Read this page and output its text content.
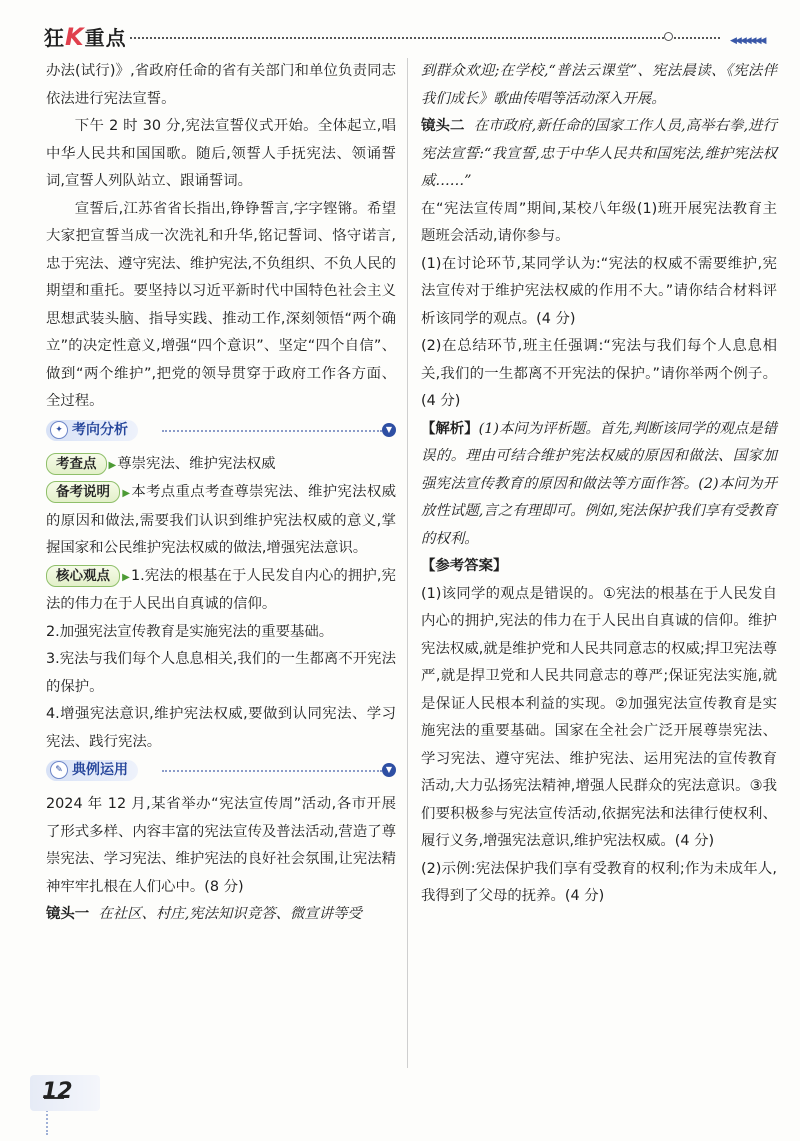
狂K重点	◀◀◀◀◀◀◀

办法(试行)》,省政府任命的省有关部门和单位负责同志依法进行宪法宣誓。

下午 2 时 30 分,宪法宣誓仪式开始。全体起立,唱中华人民共和国国歌。随后,领誓人手抚宪法、领诵誓词,宣誓人列队站立、跟诵誓词。

宣誓后,江苏省省长指出,铮铮誓言,字字铿锵。希望大家把宣誓当成一次洗礼和升华,铭记誓词、恪守诺言,忠于宪法、遵守宪法、维护宪法,不负组织、不负人民的期望和重托。要坚持以习近平新时代中国特色社会主义思想武装头脑、指导实践、推动工作,深刻领悟“两个确立”的决定性意义,增强“四个意识”、坚定“四个自信”、做到“两个维护”,把党的领导贯穿于政府工作各方面、全过程。

✦ 考向分析	▼

考查点 ▶尊崇宪法、维护宪法权威

备考说明 ▶本考点重点考查尊崇宪法、维护宪法权威的原因和做法,需要我们认识到维护宪法权威的意义,掌握国家和公民维护宪法权威的做法,增强宪法意识。

核心观点 ▶1.宪法的根基在于人民发自内心的拥护,宪法的伟力在于人民出自真诚的信仰。

2.加强宪法宣传教育是实施宪法的重要基础。

3.宪法与我们每个人息息相关,我们的一生都离不开宪法的保护。

4.增强宪法意识,维护宪法权威,要做到认同宪法、学习宪法、践行宪法。

✎ 典例运用	▼

2024 年 12 月,某省举办“宪法宣传周”活动,各市开展了形式多样、内容丰富的宪法宣传及普法活动,营造了尊崇宪法、学习宪法、维护宪法的良好社会氛围,让宪法精神牢牢扎根在人们心中。(8 分)

镜头一 在社区、村庄,宪法知识竞答、微宣讲等受

到群众欢迎;在学校,“普法云课堂”、宪法晨读、《宪法伴我们成长》歌曲传唱等活动深入开展。

镜头二 在市政府,新任命的国家工作人员,高举右拳,进行宪法宣誓:“我宣誓,忠于中华人民共和国宪法,维护宪法权威……”

在“宪法宣传周”期间,某校八年级(1)班开展宪法教育主题班会活动,请你参与。

(1)在讨论环节,某同学认为:“宪法的权威不需要维护,宪法宣传对于维护宪法权威的作用不大。”请你结合材料评析该同学的观点。(4 分)

(2)在总结环节,班主任强调:“宪法与我们每个人息息相关,我们的一生都离不开宪法的保护。”请你举两个例子。(4 分)

【解析】(1)本问为评析题。首先,判断该同学的观点是错误的。理由可结合维护宪法权威的原因和做法、国家加强宪法宣传教育的原因和做法等方面作答。(2)本问为开放性试题,言之有理即可。例如,宪法保护我们享有受教育的权利。

【参考答案】

(1)该同学的观点是错误的。①宪法的根基在于人民发自内心的拥护,宪法的伟力在于人民出自真诚的信仰。维护宪法权威,就是维护党和人民共同意志的权威;捍卫宪法尊严,就是捍卫党和人民共同意志的尊严;保证宪法实施,就是保证人民根本利益的实现。②加强宪法宣传教育是实施宪法的重要基础。国家在全社会广泛开展尊崇宪法、学习宪法、遵守宪法、维护宪法、运用宪法的宣传教育活动,大力弘扬宪法精神,增强人民群众的宪法意识。③我们要积极参与宪法宣传活动,依据宪法和法律行使权利、履行义务,增强宪法意识,维护宪法权威。(4 分)

(2)示例:宪法保护我们享有受教育的权利;作为未成年人,我得到了父母的抚养。(4 分)

12
